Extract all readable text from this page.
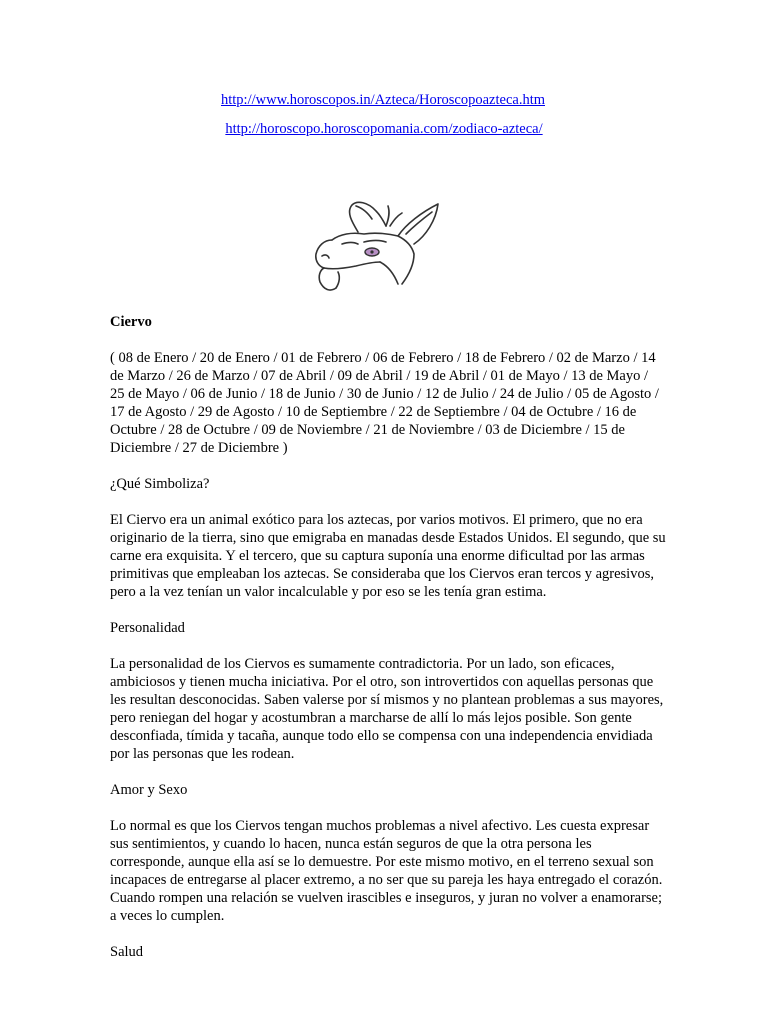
http://www.horoscopos.in/Azteca/Horoscopoazteca.htm
http://horoscopo.horoscopomania.com/zodiaco-azteca/

Ciervo

( 08 de Enero / 20 de Enero / 01 de Febrero / 06 de Febrero / 18 de Febrero / 02 de Marzo / 14 de Marzo / 26 de Marzo / 07 de Abril / 09 de Abril / 19 de Abril / 01 de Mayo / 13 de Mayo / 25 de Mayo / 06 de Junio / 18 de Junio / 30 de Junio / 12 de Julio / 24 de Julio / 05 de Agosto / 17 de Agosto / 29 de Agosto / 10 de Septiembre / 22 de Septiembre / 04 de Octubre / 16 de Octubre / 28 de Octubre / 09 de Noviembre / 21 de Noviembre / 03 de Diciembre / 15 de Diciembre / 27 de Diciembre )

¿Qué Simboliza?

El Ciervo era un animal exótico para los aztecas, por varios motivos. El primero, que no era originario de la tierra, sino que emigraba en manadas desde Estados Unidos. El segundo, que su carne era exquisita. Y el tercero, que su captura suponía una enorme dificultad por las armas primitivas que empleaban los aztecas. Se consideraba que los Ciervos eran tercos y agresivos, pero a la vez tenían un valor incalculable y por eso se les tenía gran estima.

Personalidad

La personalidad de los Ciervos es sumamente contradictoria. Por un lado, son eficaces, ambiciosos y tienen mucha iniciativa. Por el otro, son introvertidos con aquellas personas que les resultan desconocidas. Saben valerse por sí mismos y no plantean problemas a sus mayores, pero reniegan del hogar y acostumbran a marcharse de allí lo más lejos posible. Son gente desconfiada, tímida y tacaña, aunque todo ello se compensa con una independencia envidiada por las personas que les rodean.

Amor y Sexo

Lo normal es que los Ciervos tengan muchos problemas a nivel afectivo. Les cuesta expresar sus sentimientos, y cuando lo hacen, nunca están seguros de que la otra persona les corresponde, aunque ella así se lo demuestre. Por este mismo motivo, en el terreno sexual son incapaces de entregarse al placer extremo, a no ser que su pareja les haya entregado el corazón. Cuando rompen una relación se vuelven irascibles e inseguros, y juran no volver a enamorarse; a veces lo cumplen.

Salud
